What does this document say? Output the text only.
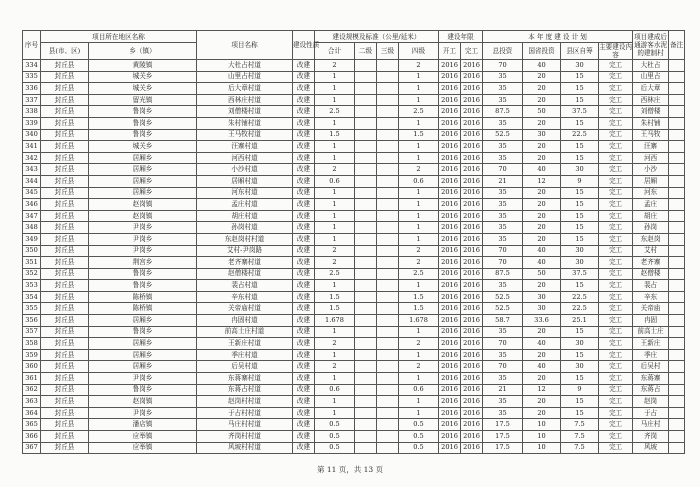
序号	项目所在地区名称		项目名称	建设性质	建设规模及标准（公里/延米）				建设年限		本 年 度 建 设 计 划				项目建成后通游客水泥的建制村	备注
	县(市、区)	乡（镇）			合计	二级	三级	四级	开工	完工	总投资	国省投资	县区自筹	主要建设内容		

334	封丘县	黄陵镇	大杜占村道	改建	2			2	2016	2016	70	40	30	完工	大杜占	
335	封丘县	城关乡	山里占村道	改建	1			1	2016	2016	35	20	15	完工	山里占	
336	封丘县	城关乡	后大章村道	改建	1			1	2016	2016	35	20	15	完工	后大章	
337	封丘县	留光镇	西林庄村道	改建	1			1	2016	2016	35	20	15	完工	西林庄	
338	封丘县	鲁岗乡	刘僧楼村道	改建	2.5			2.5	2016	2016	87.5	50	37.5	完工	刘僧楼	
339	封丘县	鲁岗乡	朱村铺村道	改建	1			1	2016	2016	35	20	15	完工	朱村铺	
340	封丘县	鲁岗乡	王马牧村道	改建	1.5			1.5	2016	2016	52.5	30	22.5	完工	王马牧	
341	封丘县	城关乡	汪寨村道	改建	1			1	2016	2016	35	20	15	完工	汪寨	
342	封丘县	居厢乡	河西村道	改建	1			1	2016	2016	35	20	15	完工	河西	
343	封丘县	居厢乡	小沙村道	改建	2			2	2016	2016	70	40	30	完工	小沙	
344	封丘县	居厢乡	居厢村道	改建	0.6			0.6	2016	2016	21	12	9	完工	居厢	
345	封丘县	居厢乡	河东村道	改建	1			1	2016	2016	35	20	15	完工	河东	
346	封丘县	赵岗镇	孟庄村道	改建	1			1	2016	2016	35	20	15	完工	孟庄	
347	封丘县	赵岗镇	胡庄村道	改建	1			1	2016	2016	35	20	15	完工	胡庄	
348	封丘县	尹岗乡	孙岗村道	改建	1			1	2016	2016	35	20	15	完工	孙岗	
349	封丘县	尹岗乡	东赵岗村村道	改建	1			1	2016	2016	35	20	15	完工	东赵岗	
350	封丘县	尹岗乡	艾村-尹岗路	改建	2			2	2016	2016	70	40	30	完工	艾村	
351	封丘县	荆宫乡	老齐寨村道	改建	2			2	2016	2016	70	40	30	完工	老齐寨	
352	封丘县	鲁岗乡	赵僧楼村道	改建	2.5			2.5	2016	2016	87.5	50	37.5	完工	赵僧楼	
353	封丘县	鲁岗乡	裴占村道	改建	1			1	2016	2016	35	20	15	完工	裴占	
354	封丘县	陈桥镇	辛东村道	改建	1.5			1.5	2016	2016	52.5	30	22.5	完工	辛东	
355	封丘县	陈桥镇	关帝庙村道	改建	1.5			1.5	2016	2016	52.5	30	22.5	完工	关帝庙	
356	封丘县	居厢乡	冉固村道	改建	1.678			1.678	2016	2016	58.7	33.6	25.1	完工	冉固	
357	封丘县	鲁岗乡	前高士庄村道	改建	1			1	2016	2016	35	20	15	完工	前高士庄	
358	封丘县	居厢乡	王新庄村道	改建	2			2	2016	2016	70	40	30	完工	王新庄	
359	封丘县	居厢乡	季庄村道	改建	1			1	2016	2016	35	20	15	完工	季庄	
360	封丘县	居厢乡	后吴村道	改建	2			2	2016	2016	70	40	30	完工	后吴村	
361	封丘县	尹岗乡	东蒋寨村道	改建	1			1	2016	2016	35	20	15	完工	东蒋寨	
362	封丘县	鲁岗乡	东蒋占村道	改建	0.6			0.6	2016	2016	21	12	9	完工	东蒋占	
363	封丘县	赵岗镇	赵岗村村道	改建	1			1	2016	2016	35	20	15	完工	赵岗	
364	封丘县	尹岗乡	于占村村道	改建	1			1	2016	2016	35	20	15	完工	于占	
365	封丘县	潘店镇	马庄村村道	改建	0.5			0.5	2016	2016	17.5	10	7.5	完工	马庄村	
366	封丘县	应举镇	齐岗村村道	改建	0.5			0.5	2016	2016	17.5	10	7.5	完工	齐岗	
367	封丘县	应举镇	风坡村村道	改建	0.5			0.5	2016	2016	17.5	10	7.5	完工	风坡	
第 11 页，共 13 页
